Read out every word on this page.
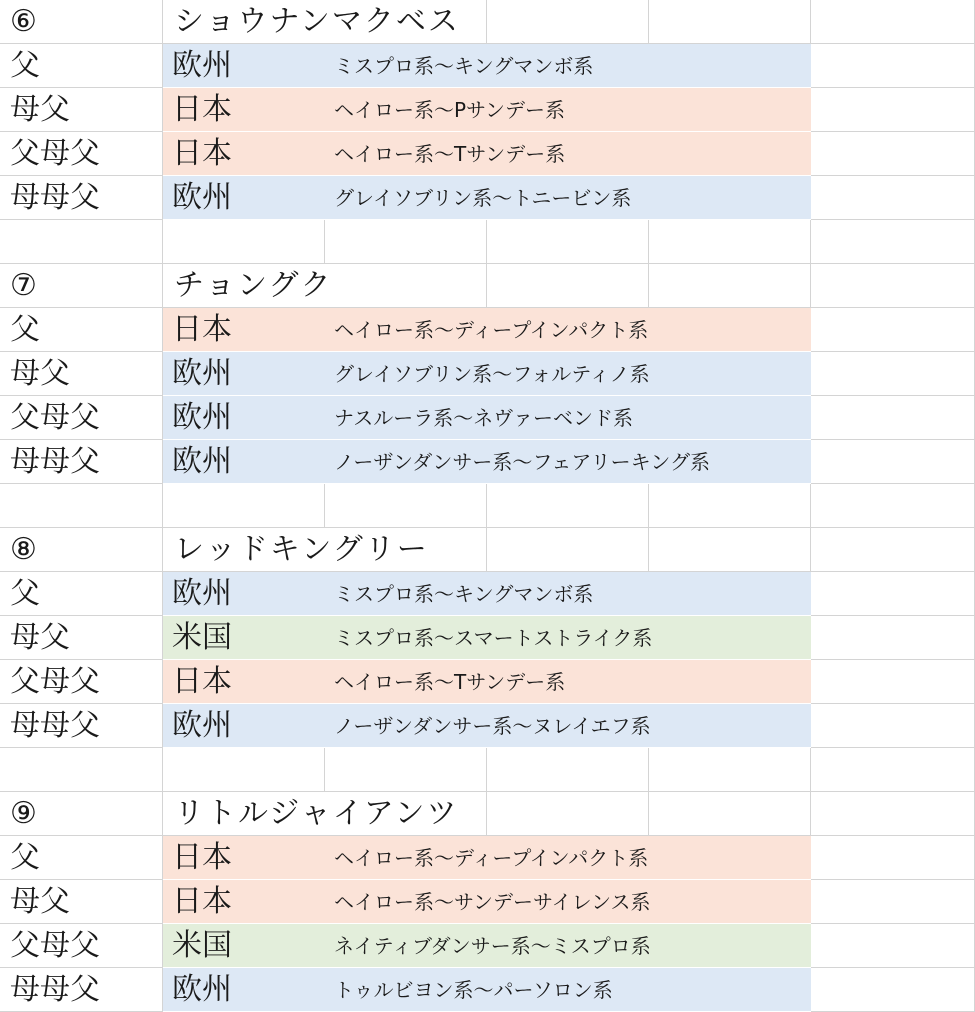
⑥	ショウナンマクベス
父	欧州	ミスプロ系～キングマンボ系
母父	日本	ヘイロー系～Pサンデー系
父母父 日本	ヘイロー系～Tサンデー系
母母父 欧州	グレイソブリン系～トニービン系
⑦	チョングク
父	日本	ヘイロー系～ディープインパクト系
母父	欧州	グレイソブリン系～フォルティノ系
父母父 欧州	ナスルーラ系～ネヴァーベンド系
母母父 欧州	ノーザンダンサー系～フェアリーキング系
⑧	レッドキングリー
父	欧州	ミスプロ系～キングマンボ系
母父	米国	ミスプロ系～スマートストライク系
父母父 日本	ヘイロー系～Tサンデー系
母母父 欧州	ノーザンダンサー系～ヌレイエフ系
⑨	リトルジャイアンツ
父	日本	ヘイロー系～ディープインパクト系
母父	日本	ヘイロー系～サンデーサイレンス系
父母父 米国	ネイティブダンサー系～ミスプロ系
母母父 欧州	トゥルビヨン系～パーソロン系
